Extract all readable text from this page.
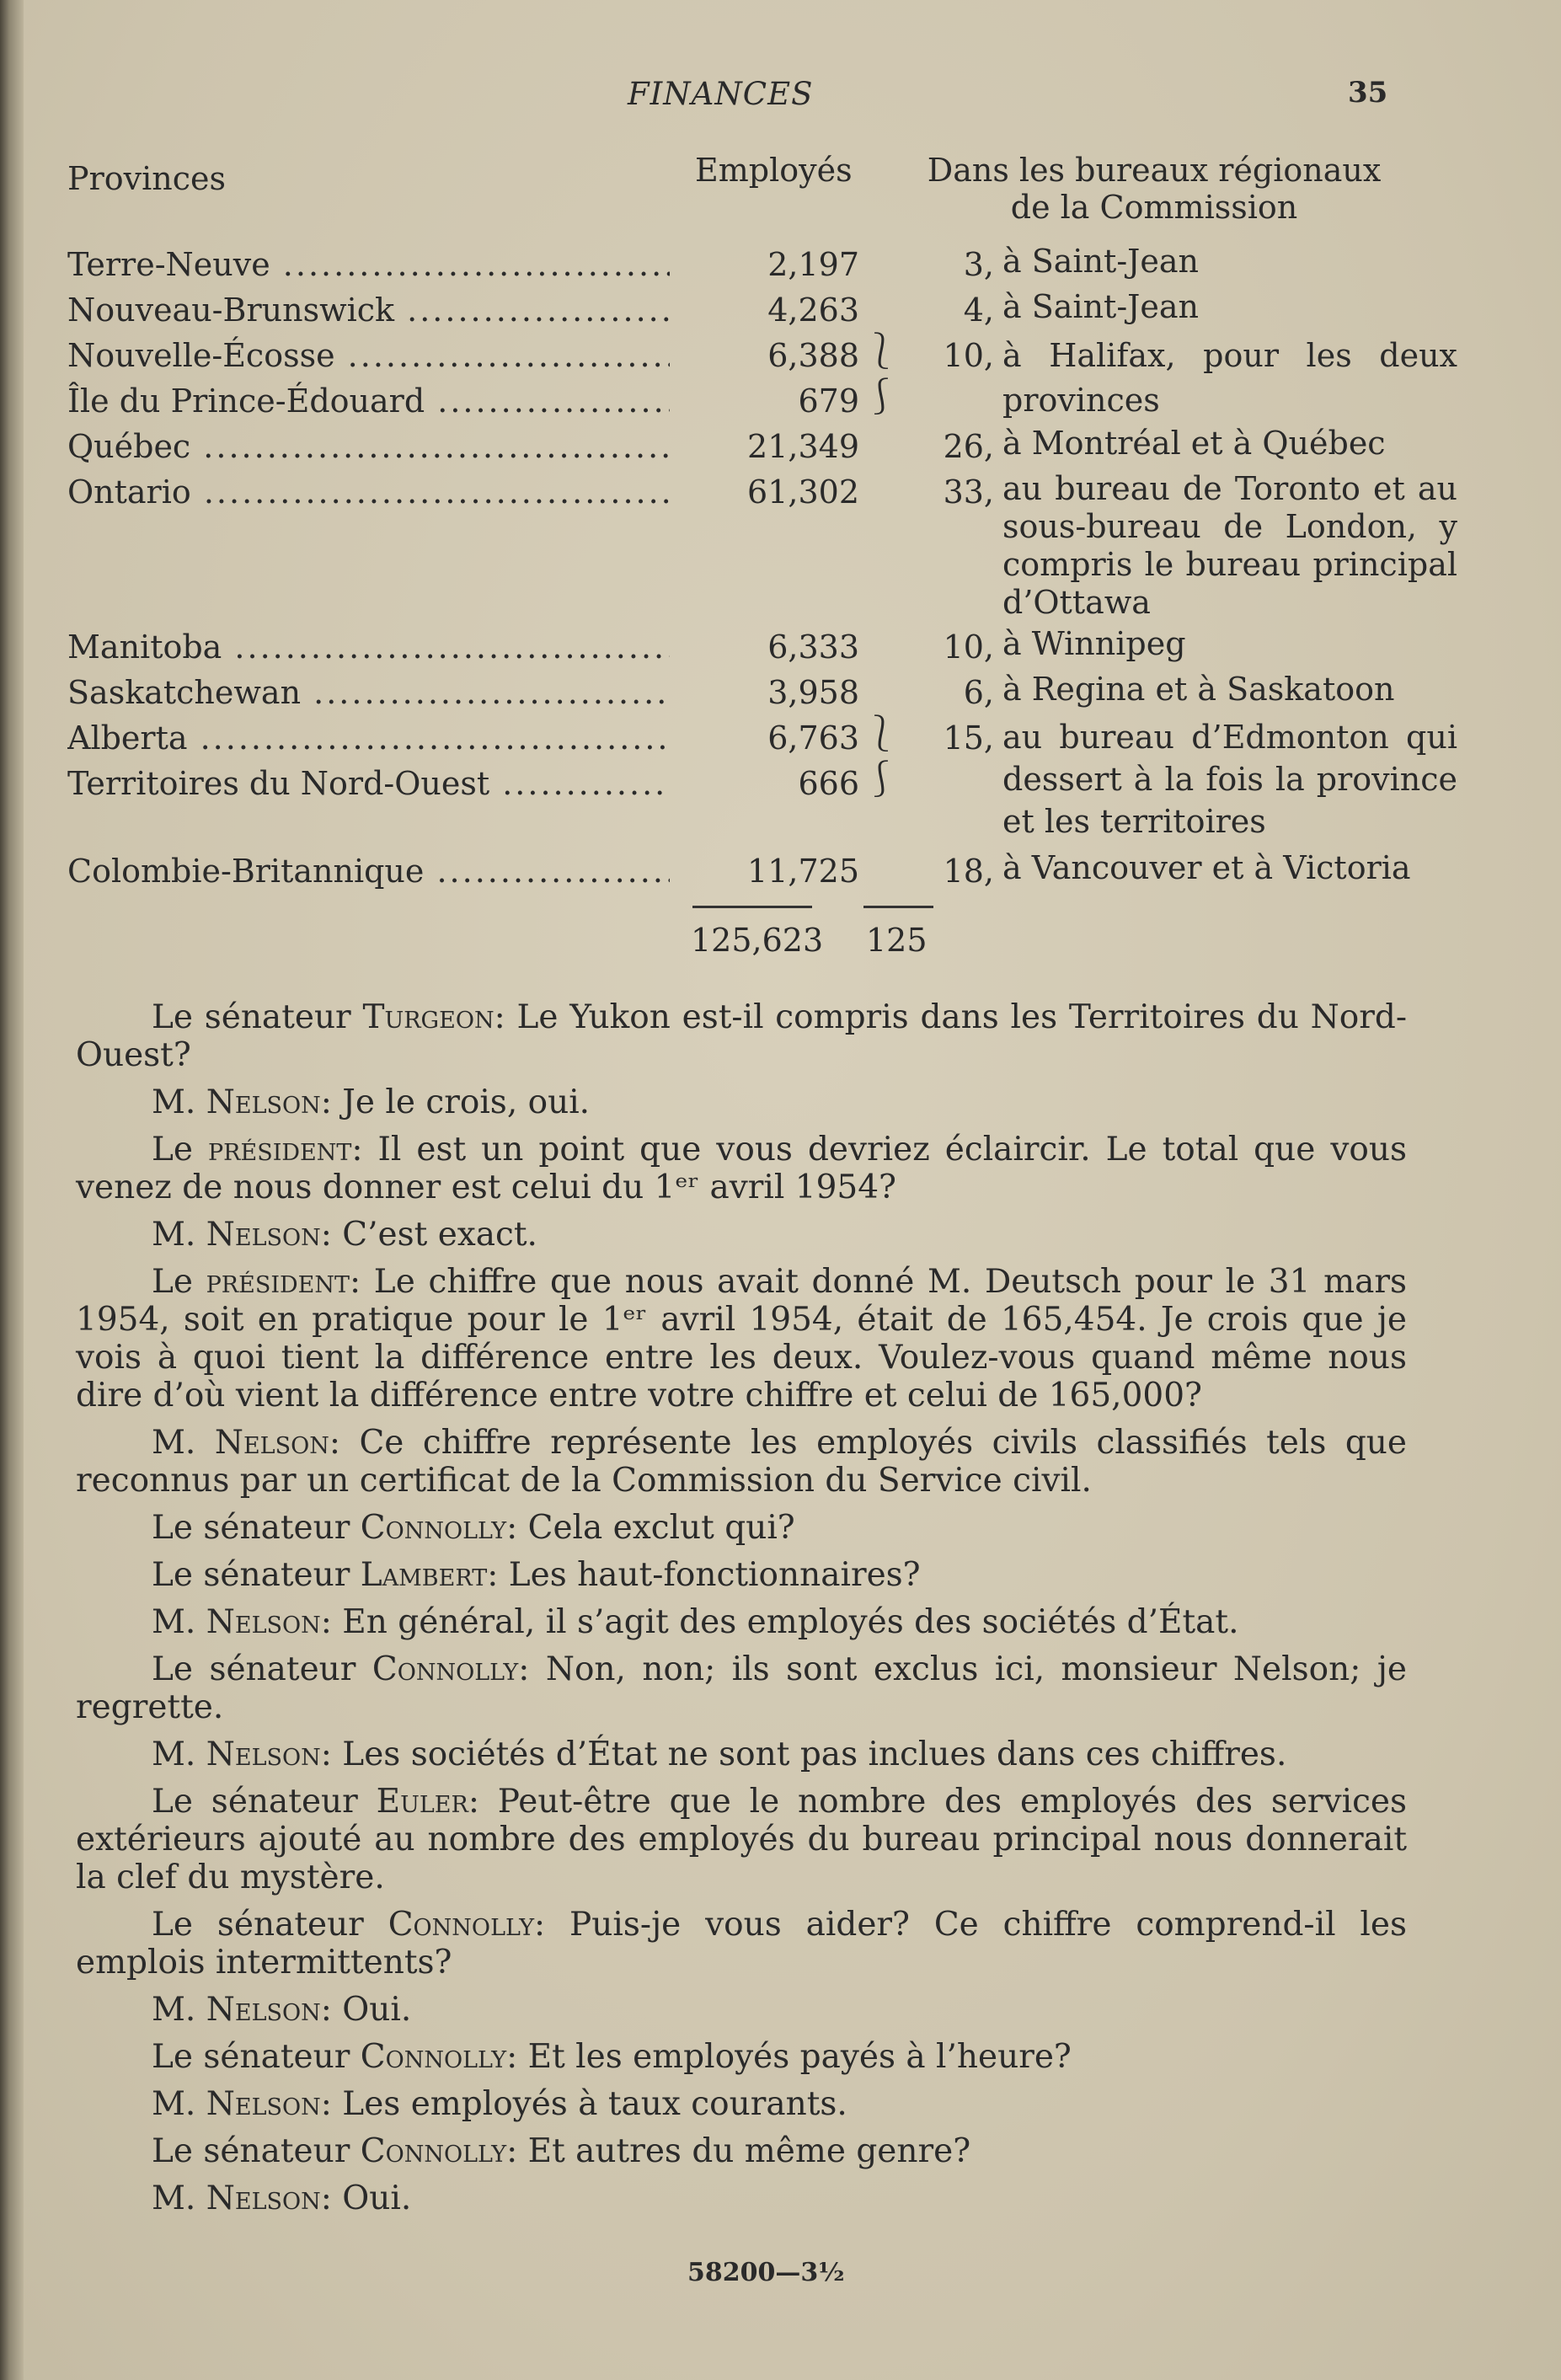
FINANCES	35
Provinces	Employés	Dans les bureaux régionaux de la Commission
Terre-Neuve .....	2,197	3, à Saint-Jean
Nouveau-Brunswick .....	4,263	4, à Saint-Jean
Nouvelle-Écosse .....	6,388 ⎱	10, à Halifax, pour les deux provinces
Île du Prince-Édouard .....	679 ⎰
Québec .....	21,349	26, à Montréal et à Québec
Ontario .....	61,302	33, au bureau de Toronto et au sous-bureau de London, y compris le bureau principal d’Ottawa
Manitoba .....	6,333	10, à Winnipeg
Saskatchewan .....	3,958	6, à Regina et à Saskatoon
Alberta .....	6,763 ⎱	15, au bureau d’Edmonton qui dessert à la fois la province et les territoires
Territoires du Nord-Ouest .....	666 ⎰
Colombie-Britannique .....	11,725	18, à Vancouver et à Victoria
125,623 125

Le sénateur Turgeon: Le Yukon est-il compris dans les Territoires du Nord-Ouest?

M. Nelson: Je le crois, oui.

Le président: Il est un point que vous devriez éclaircir. Le total que vous venez de nous donner est celui du 1ᵉʳ avril 1954?

M. Nelson: C’est exact.

Le président: Le chiffre que nous avait donné M. Deutsch pour le 31 mars 1954, soit en pratique pour le 1ᵉʳ avril 1954, était de 165,454. Je crois que je vois à quoi tient la différence entre les deux. Voulez-vous quand même nous dire d’où vient la différence entre votre chiffre et celui de 165,000?

M. Nelson: Ce chiffre représente les employés civils classifiés tels que reconnus par un certificat de la Commission du Service civil.

Le sénateur Connolly: Cela exclut qui?

Le sénateur Lambert: Les haut-fonctionnaires?

M. Nelson: En général, il s’agit des employés des sociétés d’État.

Le sénateur Connolly: Non, non; ils sont exclus ici, monsieur Nelson; je regrette.

M. Nelson: Les sociétés d’État ne sont pas inclues dans ces chiffres.

Le sénateur Euler: Peut-être que le nombre des employés des services extérieurs ajouté au nombre des employés du bureau principal nous donnerait la clef du mystère.

Le sénateur Connolly: Puis-je vous aider? Ce chiffre comprend-il les emplois intermittents?

M. Nelson: Oui.

Le sénateur Connolly: Et les employés payés à l’heure?

M. Nelson: Les employés à taux courants.

Le sénateur Connolly: Et autres du même genre?

M. Nelson: Oui.

58200—3½
